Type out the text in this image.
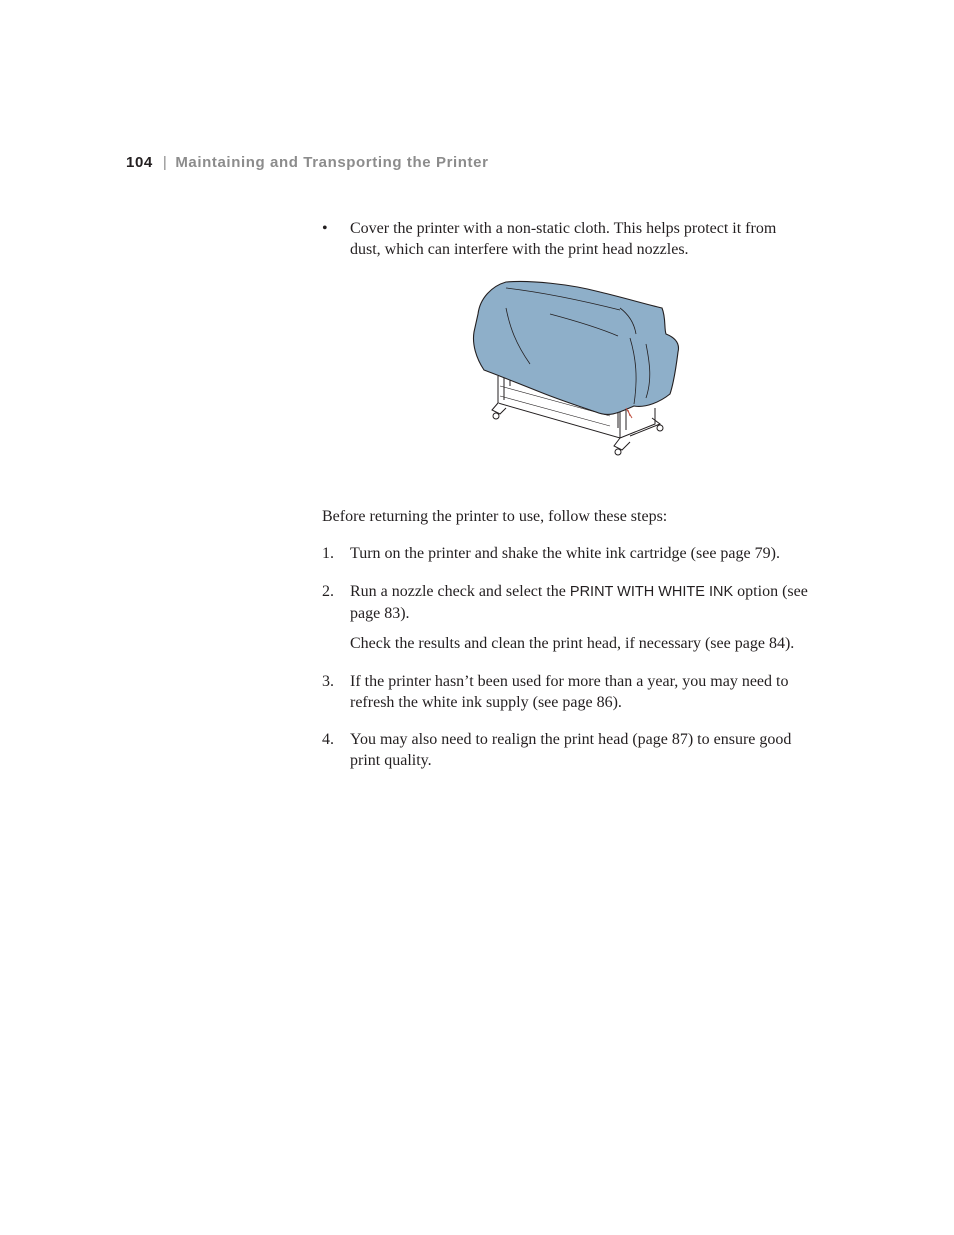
104 | Maintaining and Transporting the Printer
• Cover the printer with a non-static cloth. This helps protect it from dust, which can interfere with the print head nozzles.

Before returning the printer to use, follow these steps:

1. Turn on the printer and shake the white ink cartridge (see page 79).

2. Run a nozzle check and select the PRINT WITH WHITE INK option (see page 83).

Check the results and clean the print head, if necessary (see page 84).

3. If the printer hasn’t been used for more than a year, you may need to refresh the white ink supply (see page 86).

4. You may also need to realign the print head (page 87) to ensure good print quality.
